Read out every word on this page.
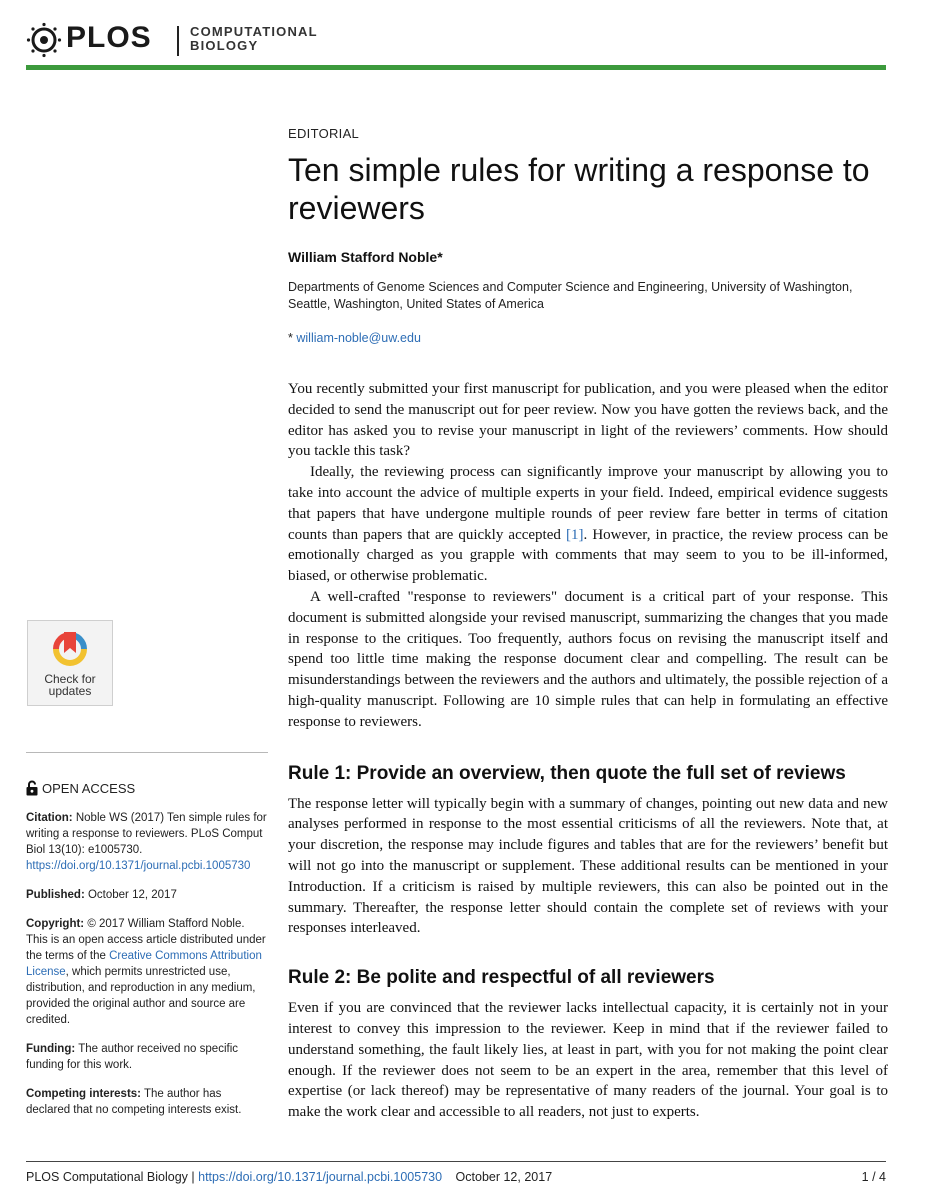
PLOS	COMPUTATIONAL
BIOLOGY

EDITORIAL

Ten simple rules for writing a response to
reviewers

William Stafford Noble*

Departments of Genome Sciences and Computer Science and Engineering, University of Washington,
Seattle, Washington, United States of America

* william-noble@uw.edu

You recently submitted your first manuscript for publication, and you were pleased when the editor decided to send the manuscript out for peer review. Now you have gotten the reviews back, and the editor has asked you to revise your manuscript in light of the reviewers’ comments. How should you tackle this task?

Ideally, the reviewing process can significantly improve your manuscript by allowing you to take into account the advice of multiple experts in your field. Indeed, empirical evidence suggests that papers that have undergone multiple rounds of peer review fare better in terms of citation counts than papers that are quickly accepted [1]. However, in practice, the review process can be emotionally charged as you grapple with comments that may seem to you to be ill-informed, biased, or otherwise problematic.

A well-crafted "response to reviewers" document is a critical part of your response. This document is submitted alongside your revised manuscript, summarizing the changes that you made in response to the critiques. Too frequently, authors focus on revising the manuscript itself and spend too little time making the response document clear and compelling. The result can be misunderstandings between the reviewers and the authors and ultimately, the possible rejection of a high-quality manuscript. Following are 10 simple rules that can help in formulating an effective response to reviewers.

Rule 1: Provide an overview, then quote the full set of reviews

The response letter will typically begin with a summary of changes, pointing out new data and new analyses performed in response to the most essential criticisms of all the reviewers. Note that, at your discretion, the response may include figures and tables that are for the reviewers’ benefit but will not go into the manuscript or supplement. These additional results can be mentioned in your Introduction. If a criticism is raised by multiple reviewers, this can also be pointed out in the summary. Thereafter, the response letter should contain the complete set of reviews with your responses interleaved.

Rule 2: Be polite and respectful of all reviewers

Even if you are convinced that the reviewer lacks intellectual capacity, it is certainly not in your interest to convey this impression to the reviewer. Keep in mind that if the reviewer failed to understand something, the fault likely lies, at least in part, with you for not making the point clear enough. If the reviewer does not seem to be an expert in the area, remember that this level of expertise (or lack thereof) may be representative of many readers of the journal. Your goal is to make the work clear and accessible to all readers, not just to experts.

Check for
updates
OPEN ACCESS

Citation: Noble WS (2017) Ten simple rules for writing a response to reviewers. PLoS Comput Biol 13(10): e1005730. https://doi.org/10.1371/journal.pcbi.1005730

Published: October 12, 2017

Copyright: © 2017 William Stafford Noble. This is an open access article distributed under the terms of the Creative Commons Attribution License, which permits unrestricted use, distribution, and reproduction in any medium, provided the original author and source are credited.

Funding: The author received no specific funding for this work.

Competing interests: The author has declared that no competing interests exist.

PLOS Computational Biology | https://doi.org/10.1371/journal.pcbi.1005730 October 12, 2017	1 / 4
